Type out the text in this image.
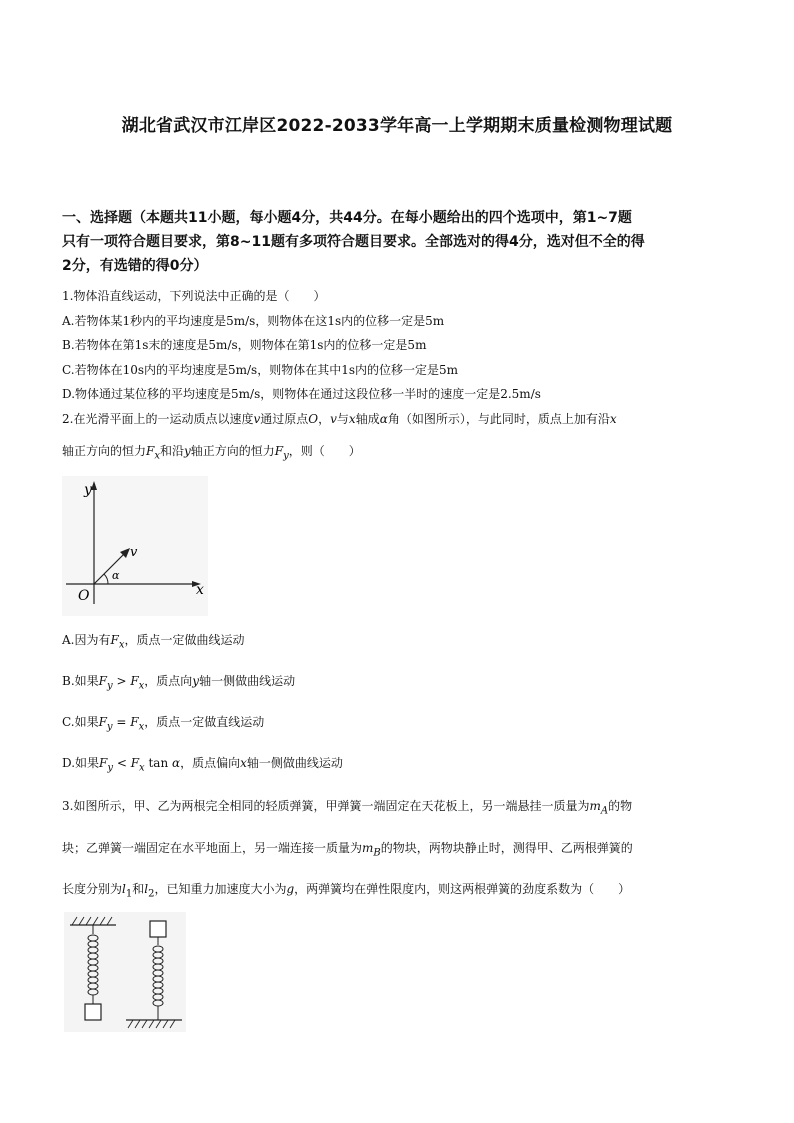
湖北省武汉市江岸区2022-2033学年高一上学期期末质量检测物理试题
一、选择题（本题共11小题，每小题4分，共44分。在每小题给出的四个选项中，第1~7题
只有一项符合题目要求，第8~11题有多项符合题目要求。全部选对的得4分，选对但不全的得
2分，有选错的得0分）
1.物体沿直线运动，下列说法中正确的是（　　）
A.若物体某1秒内的平均速度是5m/s，则物体在这1s内的位移一定是5m
B.若物体在第1s末的速度是5m/s，则物体在第1s内的位移一定是5m
C.若物体在10s内的平均速度是5m/s，则物体在其中1s内的位移一定是5m
D.物体通过某位移的平均速度是5m/s，则物体在通过这段位移一半时的速度一定是2.5m/s
2.在光滑平面上的一运动质点以速度v通过原点O，v与x轴成α角（如图所示），与此同时，质点上加有沿x
轴正方向的恒力$F_x$和沿y轴正方向的恒力$F_y$，则（　　）
y
x
O
v
α
A.因为有$F_x$，质点一定做曲线运动
B.如果$F_y > F_x$，质点向y轴一侧做曲线运动
C.如果$F_y = F_x$，质点一定做直线运动
D.如果$F_y < F_x$ tan α，质点偏向x轴一侧做曲线运动
3.如图所示，甲、乙为两根完全相同的轻质弹簧，甲弹簧一端固定在天花板上，另一端悬挂一质量为$m_A$的物
块；乙弹簧一端固定在水平地面上，另一端连接一质量为$m_B$的物块，两物块静止时，测得甲、乙两根弹簧的
长度分别为$l_1$和$l_2$，已知重力加速度大小为g，两弹簧均在弹性限度内，则这两根弹簧的劲度系数为（　　）
